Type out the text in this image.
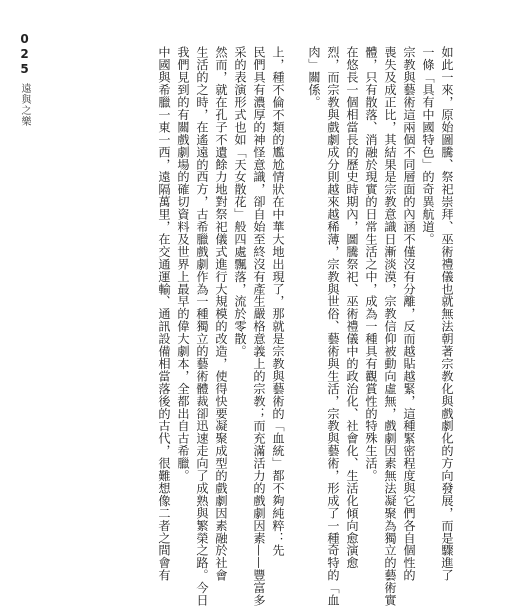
025
遠與之樂	如此一來，原始圖騰、祭祀崇拜、巫術禮儀也就無法朝著宗教化與戲劇化的方向發展，而是驟進了
一條「具有中國特色」的奇異航道。
宗教與藝術這兩個不同層面的內涵不僅沒有分離，反而越貼越緊，這種緊密程度與它們各自個性的
喪失及成正比，其結果是宗教意識日漸淡漠，宗教信仰被動向虛無，戲劇因素無法凝聚為獨立的藝術實
體，只有散落、消融於現實的日常生活之中，成為一種具有觀賞性的特殊生活。
在悠長一個相當長的歷史時期內，圖騰祭祀、巫術禮儀中的政治化、社會化、生活化傾向愈演愈
烈，而宗教與戲劇成分則越來越稀薄，宗教與世俗、藝術與生活，宗教與藝術，形成了一種奇特的「血
肉」關係。
上，種不倫不類的尷尬情狀在中華大地出現了，那就是宗教與藝術的「血統」都不夠純粹：先
民們具有濃厚的神怪意識，卻自始至終沒有產生嚴格意義上的宗教；而充滿活力的戲劇因素——豐富多
采的表演形式也如「天女散花」般四處飄落，流於零散。
然而，就在孔子不遺餘力地對祭祀儀式進行大規模的改造，使得快要凝聚成型的戲劇因素融於社會
生活的之時，在遙遠的西方，古希臘戲劇作為一種獨立的藝術體裁卻迅速走向了成熟與繁榮之路。今日
我們見到的有關戲劇場的確切資料及世界上最早的偉大劇本，全都出自古希臘。
中國與希臘一東一西，遠隔萬里，在交通運輸、通訊設備相當落後的古代，很難想像二者之間會有
